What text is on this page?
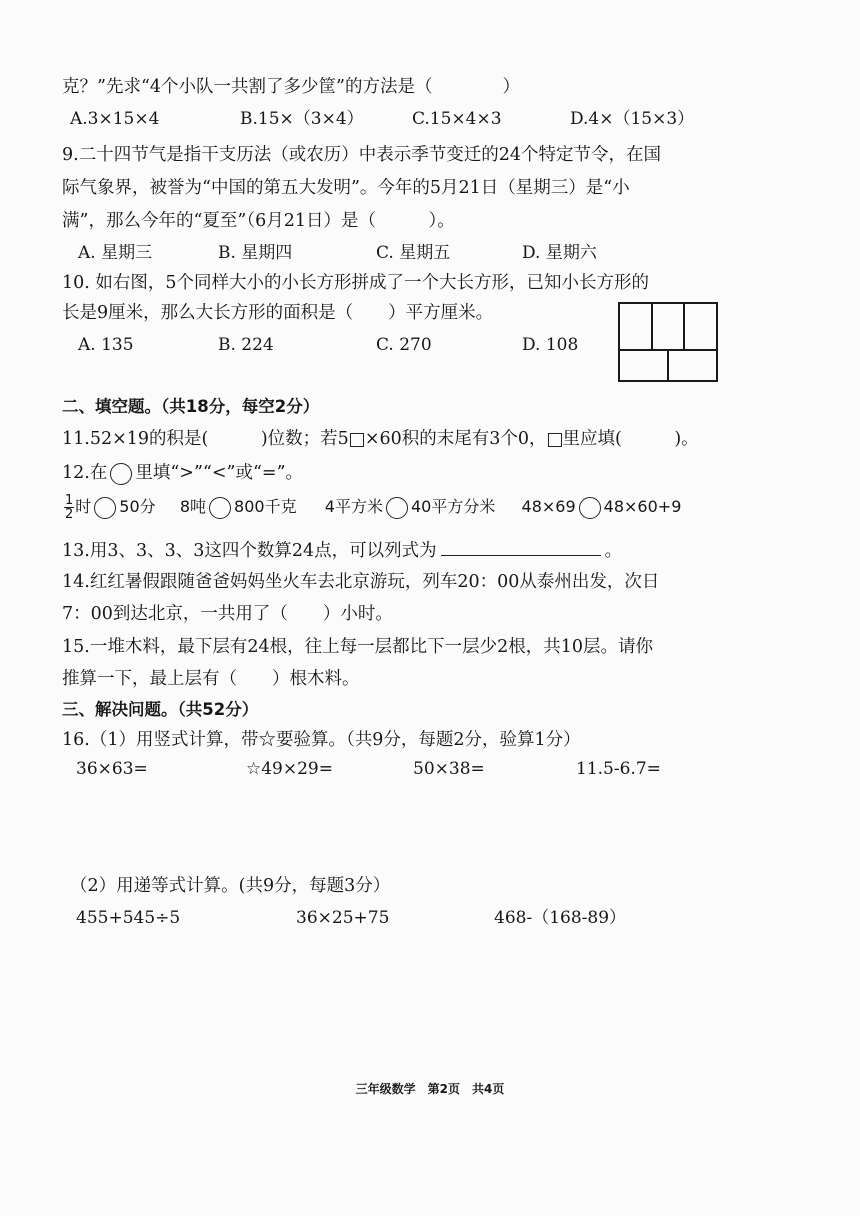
克？”先求“4个小队一共割了多少筐”的方法是（　　　　）
A.3×15×4	B.15×（3×4）	C.15×4×3	D.4×（15×3）
9.二十四节气是指干支历法（或农历）中表示季节变迁的24个特定节令，在国
际气象界，被誉为“中国的第五大发明”。今年的5月21日（星期三）是“小
满”，那么今年的“夏至”（6月21日）是（　　　）。
A. 星期三	B. 星期四	C. 星期五	D. 星期六
10. 如右图，5个同样大小的小长方形拼成了一个大长方形，已知小长方形的
长是9厘米，那么大长方形的面积是（　　）平方厘米。
A. 135	B. 224	C. 270	D. 108
二、填空题。（共18分，每空2分）
11.52×19的积是(　　　)位数；若5 ×60积的末尾有3个0， 里应填(　　　)。
12.在 里填“>”“<”或“=”。
$\frac{1}{2}$ 时 50分 8吨 800千克 4平方米 40平方分米 48×69 48×60+9
13.用3、3、3、3这四个数算24点，可以列式为	。
14.红红暑假跟随爸爸妈妈坐火车去北京游玩，列车20：00从泰州出发，次日
7：00到达北京，一共用了（　　）小时。
15.一堆木料，最下层有24根，往上每一层都比下一层少2根，共10层。请你
推算一下，最上层有（　　）根木料。
三、解决问题。（共52分）
16.（1）用竖式计算，带☆要验算。（共9分，每题2分，验算1分）
36×63=	☆49×29=	50×38=	11.5-6.7=
（2）用递等式计算。(共9分，每题3分）
455+545÷5	36×25+75	468-（168-89）
三年级数学　第2页　共4页
